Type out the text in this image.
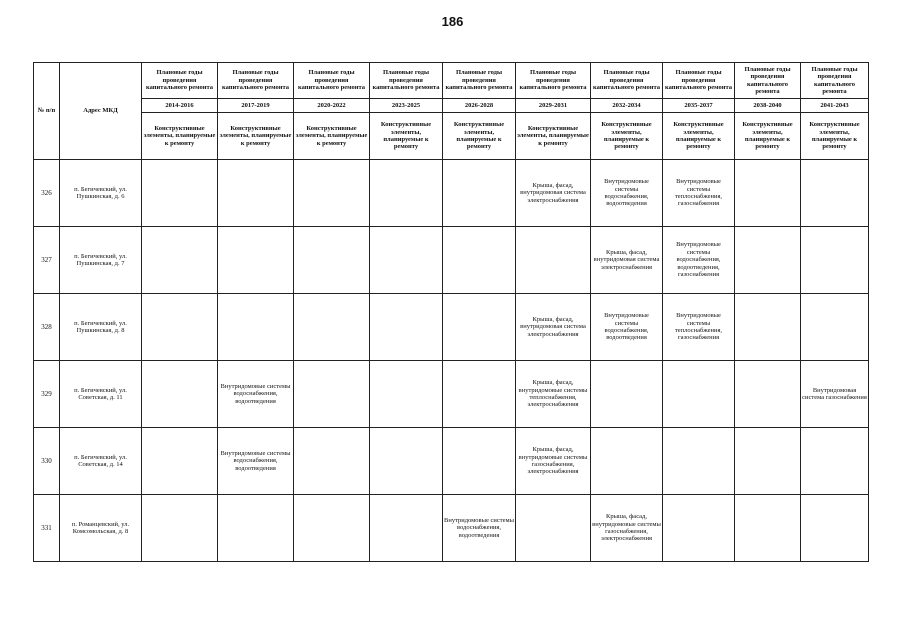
186
№ п/п	Адрес МКД	Плановые годы проведения капитального ремонта	Плановые годы проведения капитального ремонта	Плановые годы проведения капитального ремонта	Плановые годы проведения капитального ремонта	Плановые годы проведения капитального ремонта	Плановые годы проведения капитального ремонта	Плановые годы проведения капитального ремонта	Плановые годы проведения капитального ремонта	Плановые годы проведения капитального ремонта	Плановые годы проведения капитального ремонта
		2014-2016	2017-2019	2020-2022	2023-2025	2026-2028	2029-2031	2032-2034	2035-2037	2038-2040	2041-2043
		Конструктивные элементы, планируемые к ремонту	Конструктивные элементы, планируемые к ремонту	Конструктивные элементы, планируемые к ремонту	Конструктивные элементы, планируемые к ремонту	Конструктивные элементы, планируемые к ремонту	Конструктивные элементы, планируемые к ремонту	Конструктивные элементы, планируемые к ремонту	Конструктивные элементы, планируемые к ремонту	Конструктивные элементы, планируемые к ремонту	Конструктивные элементы, планируемые к ремонту
326	п. Бегичевский, ул. Пушкинская, д. 6						Крыша, фасад, внутридомовая система электроснабжения	Внутридомовые системы водоснабжения, водоотведения	Внутридомовые системы теплоснабжения, газоснабжения		
327	п. Бегичевский, ул. Пушкинская, д. 7							Крыша, фасад, внутридомовая система электроснабжения	Внутридомовые системы водоснабжения, водоотведения, газоснабжения		
328	п. Бегичевский, ул. Пушкинская, д. 8						Крыша, фасад, внутридомовая система электроснабжения	Внутридомовые системы водоснабжения, водоотведения	Внутридомовые системы теплоснабжения, газоснабжения		
329	п. Бегичевский, ул. Советская, д. 11		Внутридомовые системы водоснабжения, водоотведения				Крыша, фасад, внутридомовые системы теплоснабжения, электроснабжения				Внутридомовая система газоснабжения
330	п. Бегичевский, ул. Советская, д. 14		Внутридомовые системы водоснабжения, водоотведения				Крыша, фасад, внутридомовые системы газоснабжения, электроснабжения				
331	п. Романцевский, ул. Комсомольская, д. 8					Внутридомовые системы водоснабжения, водоотведения		Крыша, фасад, внутридомовые системы газоснабжения, электроснабжения			
